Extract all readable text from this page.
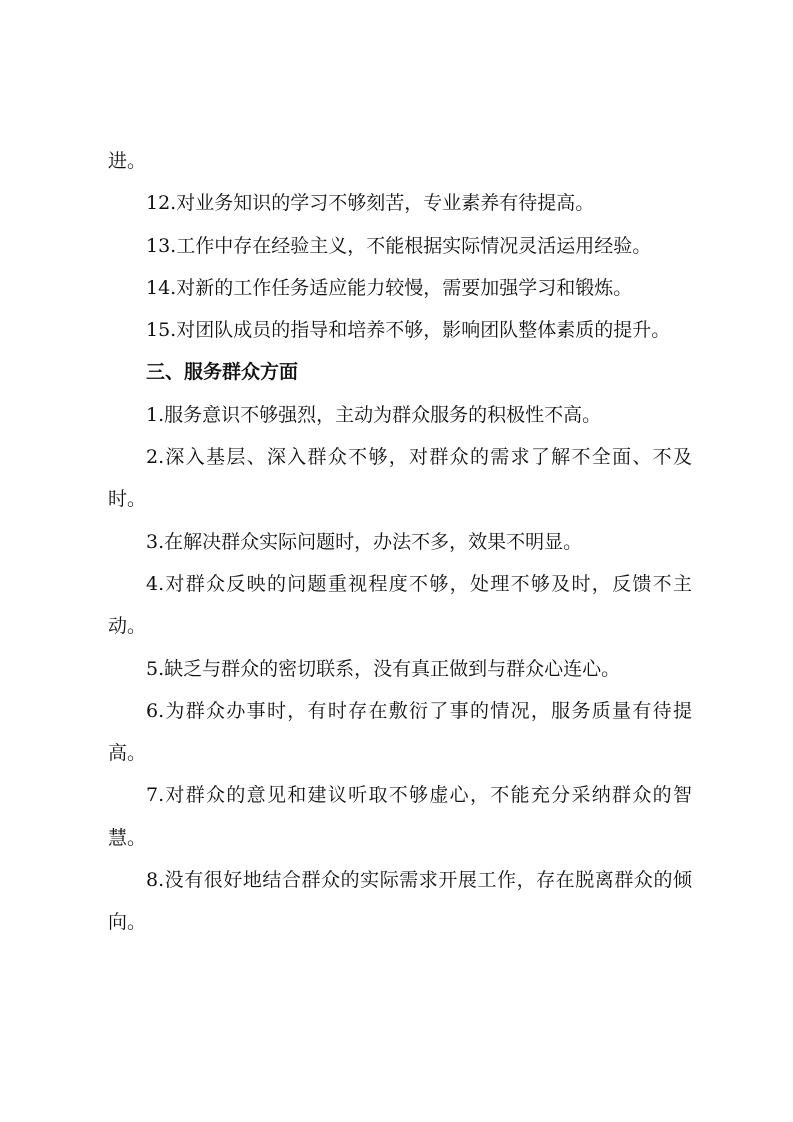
进。

12.对业务知识的学习不够刻苦，专业素养有待提高。

13.工作中存在经验主义，不能根据实际情况灵活运用经验。

14.对新的工作任务适应能力较慢，需要加强学习和锻炼。

15.对团队成员的指导和培养不够，影响团队整体素质的提升。

三、服务群众方面

1.服务意识不够强烈，主动为群众服务的积极性不高。

2.深入基层、深入群众不够，对群众的需求了解不全面、不及时。

3.在解决群众实际问题时，办法不多，效果不明显。

4.对群众反映的问题重视程度不够，处理不够及时，反馈不主动。

5.缺乏与群众的密切联系，没有真正做到与群众心连心。

6.为群众办事时，有时存在敷衍了事的情况，服务质量有待提高。

7.对群众的意见和建议听取不够虚心，不能充分采纳群众的智慧。

8.没有很好地结合群众的实际需求开展工作，存在脱离群众的倾向。
